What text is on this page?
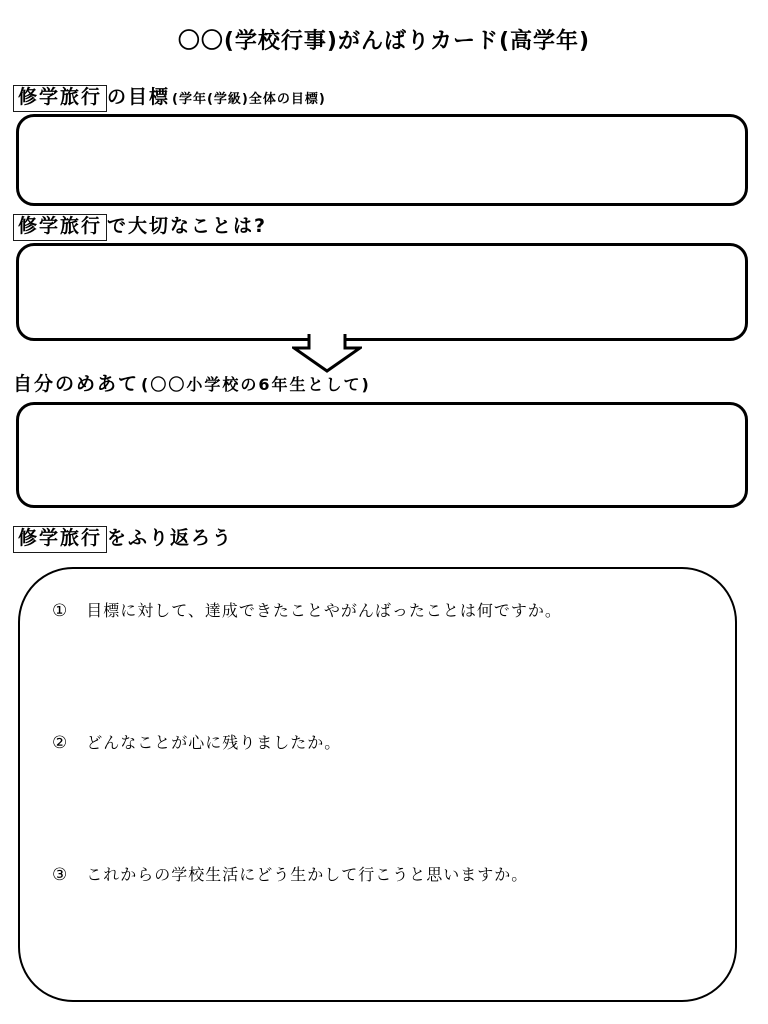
〇〇(学校行事)がんばりカード(高学年)
修学旅行 の目標 (学年(学級)全体の目標)
修学旅行 で大切なことは?
自分のめあて (〇〇小学校の6年生として)
修学旅行 をふり返ろう
① 目標に対して、達成できたことやがんばったことは何ですか。
② どんなことが心に残りましたか。
③ これからの学校生活にどう生かして行こうと思いますか。
